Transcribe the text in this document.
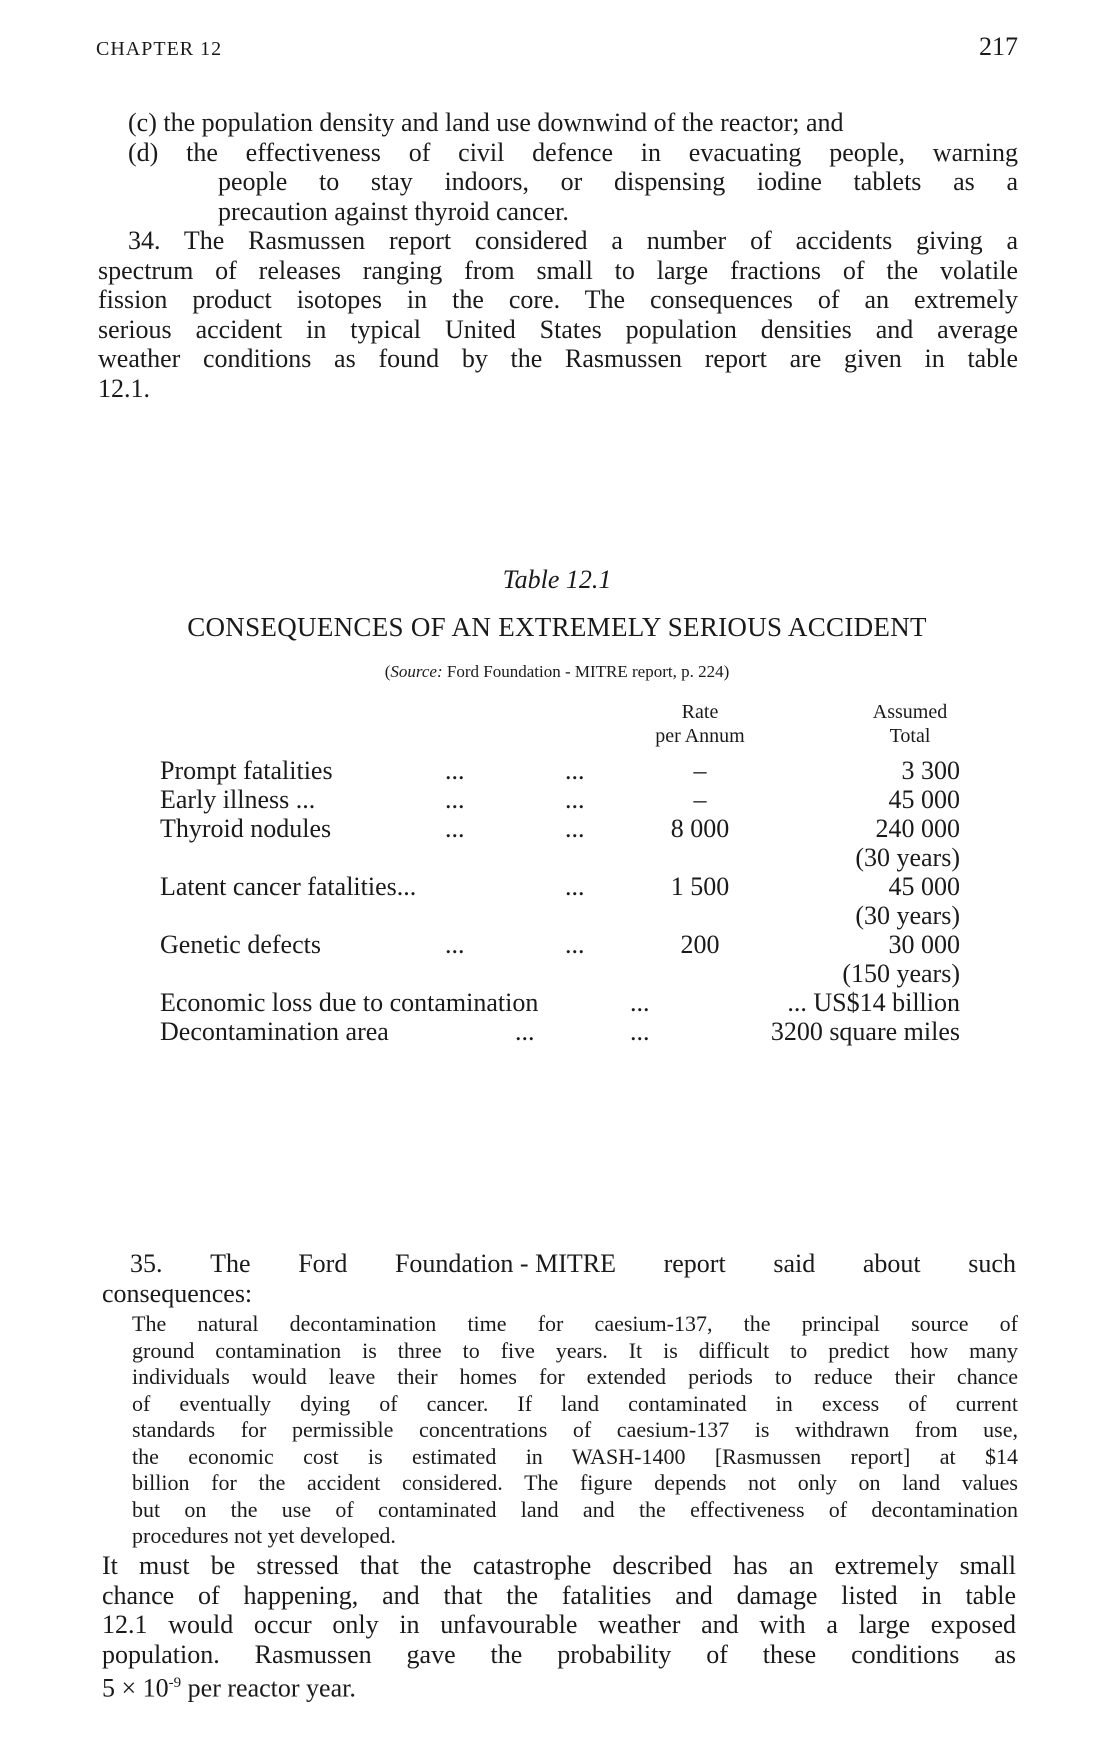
CHAPTER 12	217
(c) the population density and land use downwind of the reactor; and
(d) the effectiveness of civil defence in evacuating people, warning
people to stay indoors, or dispensing iodine tablets as a
precaution against thyroid cancer.
34. The Rasmussen report considered a number of accidents giving a
spectrum of releases ranging from small to large fractions of the volatile
fission product isotopes in the core. The consequences of an extremely
serious accident in typical United States population densities and average
weather conditions as found by the Rasmussen report are given in table
12.1.
Table 12.1
CONSEQUENCES OF AN EXTREMELY SERIOUS ACCIDENT
(Source: Ford Foundation - MITRE report, p. 224)
Rate
per Annum
Assumed
Total
Prompt fatalities	...	...	–	3 300
Early illness ...	...	...	–	45 000
Thyroid nodules	...	...	8 000	240 000
(30 years)
Latent cancer fatalities...	...	1 500	45 000
(30 years)
Genetic defects	...	...	200	30 000
(150 years)
Economic loss due to contamination	...	... US$14 billion
Decontamination area	...	...	3200 square miles
35. The Ford Foundation - MITRE report said about such
consequences:
The natural decontamination time for caesium-137, the principal source of
ground contamination is three to five years. It is difficult to predict how many
individuals would leave their homes for extended periods to reduce their chance
of eventually dying of cancer. If land contaminated in excess of current
standards for permissible concentrations of caesium-137 is withdrawn from use,
the economic cost is estimated in WASH-1400 [Rasmussen report] at $14
billion for the accident considered. The figure depends not only on land values
but on the use of contaminated land and the effectiveness of decontamination
procedures not yet developed.
It must be stressed that the catastrophe described has an extremely small
chance of happening, and that the fatalities and damage listed in table
12.1 would occur only in unfavourable weather and with a large exposed
population. Rasmussen gave the probability of these conditions as
$5 \times 10^{-9}$ per reactor year.
